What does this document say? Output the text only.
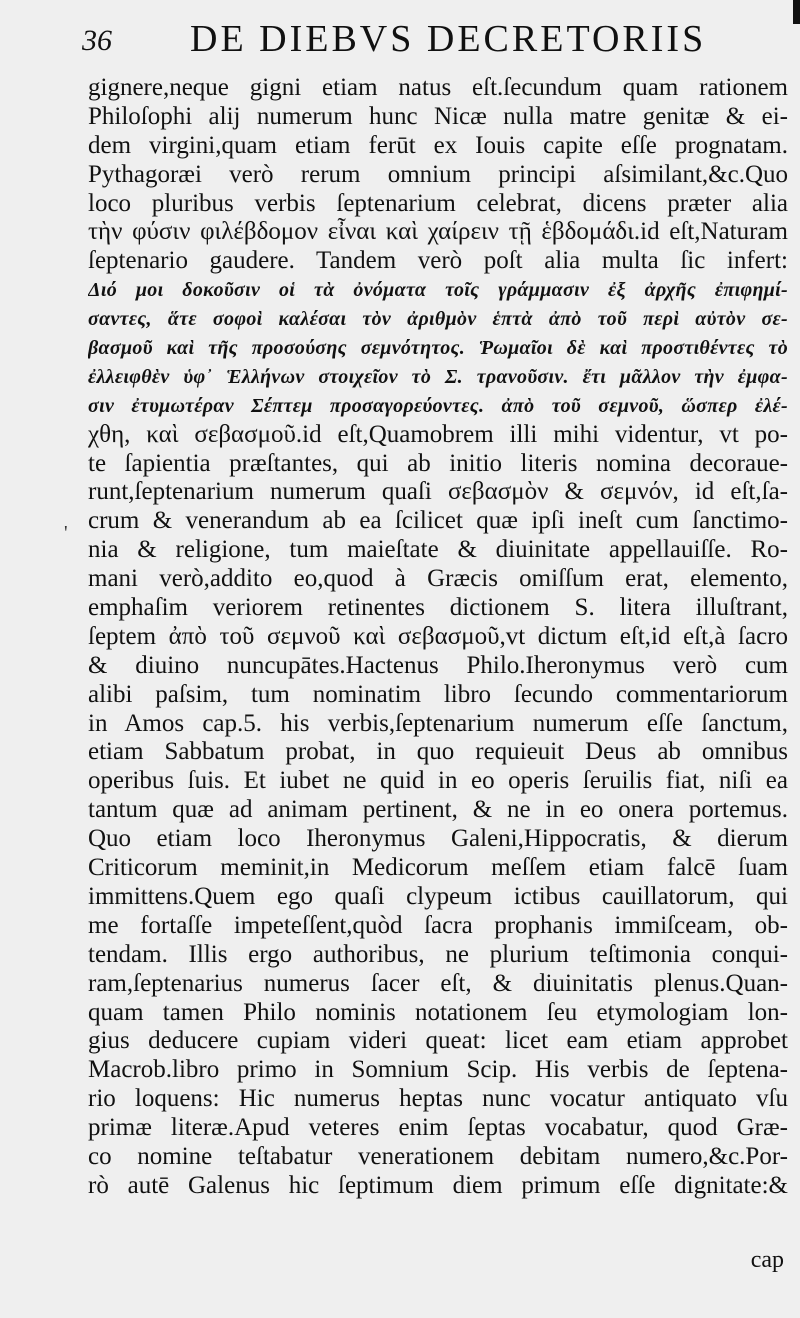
36 DE DIEBVS DECRETORIIS
'
gignere,neque gigni etiam natus eſt.ſecundum quam rationem
Philoſophi alij numerum hunc Nicæ nulla matre genitæ & ei-
dem virgini,quam etiam ferūt ex Iouis capite eſſe prognatam.
Pythagoræi verò rerum omnium principi aſsimilant,&c.Quo
loco pluribus verbis ſeptenarium celebrat, dicens præter alia
τὴν φύσιν φιλέβδομον εἶναι καὶ χαίρειν τῇ ἑβδομάδι.id eſt,Naturam
ſeptenario gaudere. Tandem verò poſt alia multa ſic infert:
Διό μοι δοκοῦσιν οἱ τὰ ὀνόματα τοῖς γράμμασιν ἐξ ἀρχῆς ἐπιφημί-
σαντες, ἅτε σοφοὶ καλέσαι τὸν ἀριθμὸν ἑπτὰ ἀπὸ τοῦ περὶ αὐτὸν σε-
βασμοῦ καὶ τῆς προσούσης σεμνότητος. Ῥωμαῖοι δὲ καὶ προστιθέντες τὸ
ἐλλειφθὲν ὑφ᾽ Ἑλλήνων στοιχεῖον τὸ Σ. τρανοῦσιν. ἔτι μᾶλλον τὴν ἐμφα-
σιν ἐτυμωτέραν Σέπτεμ προσαγορεύοντες. ἀπὸ τοῦ σεμνοῦ, ὥσπερ ἐλέ-
χθη, καὶ σεβασμοῦ.id eſt,Quamobrem illi mihi videntur, vt po-
te ſapientia præſtantes, qui ab initio literis nomina decoraue-
runt,ſeptenarium numerum quaſi σεβασμὸν & σεμνόν, id eſt,ſa-
crum & venerandum ab ea ſcilicet quæ ipſi ineſt cum ſanctimo-
nia & religione, tum maieſtate & diuinitate appellauiſſe. Ro-
mani verò,addito eo,quod à Græcis omiſſum erat, elemento,
emphaſim veriorem retinentes dictionem S. litera illuſtrant,
ſeptem ἀπὸ τοῦ σεμνοῦ καὶ σεβασμοῦ,vt dictum eſt,id eſt,à ſacro
& diuino nuncupātes.Hactenus Philo.Iheronymus verò cum
alibi paſsim, tum nominatim libro ſecundo commentariorum
in Amos cap.5. his verbis,ſeptenarium numerum eſſe ſanctum,
etiam Sabbatum probat, in quo requieuit Deus ab omnibus
operibus ſuis. Et iubet ne quid in eo operis ſeruilis fiat, niſi ea
tantum quæ ad animam pertinent, & ne in eo onera portemus.
Quo etiam loco Iheronymus Galeni,Hippocratis, & dierum
Criticorum meminit,in Medicorum meſſem etiam falcē ſuam
immittens.Quem ego quaſi clypeum ictibus cauillatorum, qui
me fortaſſe impeteſſent,quòd ſacra prophanis immiſceam, ob-
tendam. Illis ergo authoribus, ne plurium teſtimonia conqui-
ram,ſeptenarius numerus ſacer eſt, & diuinitatis plenus.Quan-
quam tamen Philo nominis notationem ſeu etymologiam lon-
gius deducere cupiam videri queat: licet eam etiam approbet
Macrob.libro primo in Somnium Scip. His verbis de ſeptena-
rio loquens: Hic numerus heptas nunc vocatur antiquato vſu
primæ literæ.Apud veteres enim ſeptas vocabatur, quod Græ-
co nomine teſtabatur venerationem debitam numero,&c.Por-
rò autē Galenus hic ſeptimum diem primum eſſe dignitate:&
cap
